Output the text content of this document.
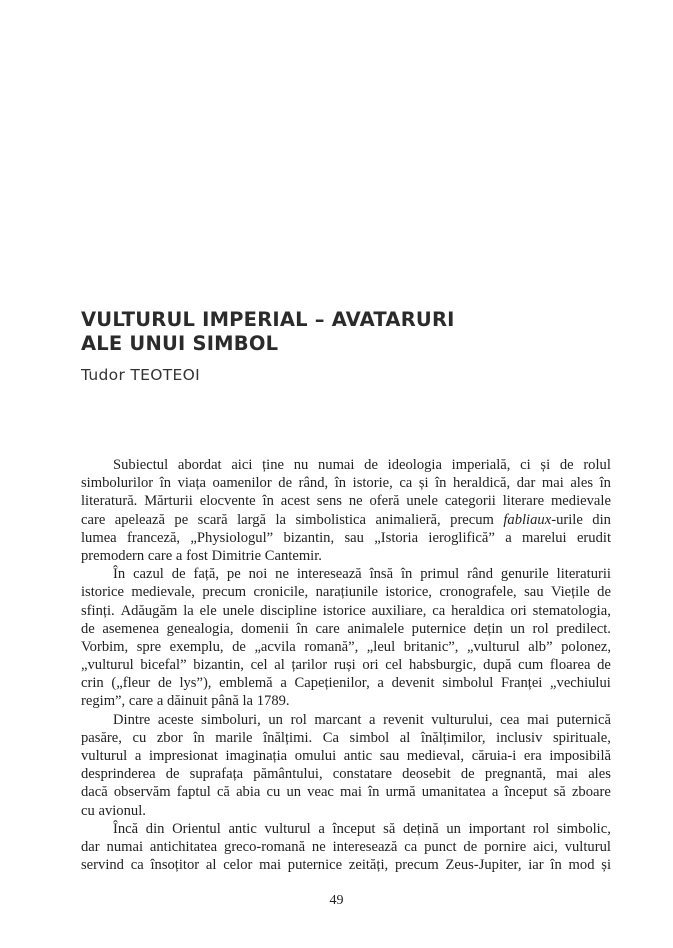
VULTURUL IMPERIAL – AVATARURI
ALE UNUI SIMBOL
Tudor TEOTEOI
Subiectul abordat aici ține nu numai de ideologia imperială, ci și de rolul
simbolurilor în viața oamenilor de rând, în istorie, ca și în heraldică, dar mai ales în
literatură. Mărturii elocvente în acest sens ne oferă unele categorii literare medievale
care apelează pe scară largă la simbolistica animalieră, precum fabliaux-urile din
lumea franceză, „Physiologul” bizantin, sau „Istoria ieroglifică” a marelui erudit
premodern care a fost Dimitrie Cantemir.
În cazul de față, pe noi ne interesează însă în primul rând genurile literaturii
istorice medievale, precum cronicile, narațiunile istorice, cronografele, sau Viețile de
sfinți. Adăugăm la ele unele discipline istorice auxiliare, ca heraldica ori stematologia,
de asemenea genealogia, domenii în care animalele puternice dețin un rol predilect.
Vorbim, spre exemplu, de „acvila romană”, „leul britanic”, „vulturul alb” polonez,
„vulturul bicefal” bizantin, cel al țarilor ruși ori cel habsburgic, după cum floarea de
crin („fleur de lys”), emblemă a Capețienilor, a devenit simbolul Franței „vechiului
regim”, care a dăinuit până la 1789.
Dintre aceste simboluri, un rol marcant a revenit vulturului, cea mai puternică
pasăre, cu zbor în marile înălțimi. Ca simbol al înălțimilor, inclusiv spirituale,
vulturul a impresionat imaginația omului antic sau medieval, căruia-i era imposibilă
desprinderea de suprafața pământului, constatare deosebit de pregnantă, mai ales
dacă observăm faptul că abia cu un veac mai în urmă umanitatea a început să zboare
cu avionul.
Încă din Orientul antic vulturul a început să dețină un important rol simbolic,
dar numai antichitatea greco-romană ne interesează ca punct de pornire aici, vulturul
servind ca însoțitor al celor mai puternice zeități, precum Zeus-Jupiter, iar în mod și
49
